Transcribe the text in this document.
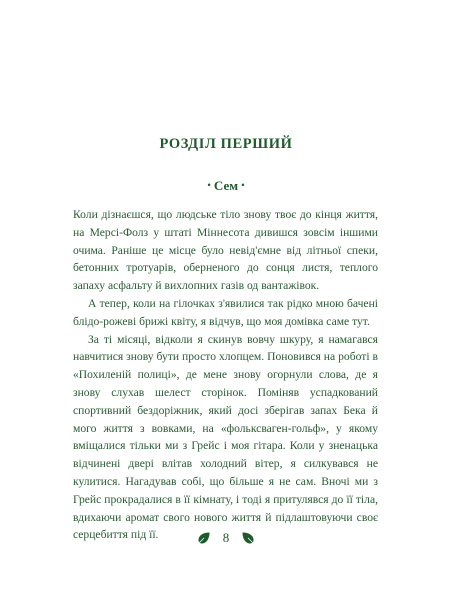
РОЗДІЛ ПЕРШИЙ
• Сем •

Коли дізнаєшся, що людське тіло знову твоє до кінця життя, на Мерсі-Фолз у штаті Міннесота дивишся зовсім іншими очима. Раніше це місце було невід'ємне від літньої спеки, бетонних тротуарів, оберненого до сонця листя, теплого запаху асфальту й вихлопних газів од вантажівок.

А тепер, коли на гілочках з'явилися так рідко мною бачені блідо-рожеві брижі квіту, я відчув, що моя домівка саме тут.

За ті місяці, відколи я скинув вовчу шкуру, я намагався навчитися знову бути просто хлопцем. Поновився на роботі в «Похиленій полиці», де мене знову огорнули слова, де я знову слухав шелест сторінок. Поміняв успадкований спортивний бездоріжник, який досі зберігав запах Бека й мого життя з вовками, на «фольксваген-гольф», у якому вміщалися тільки ми з Грейс і моя гітара. Коли у зненацька відчинені двері влітав холодний вітер, я силкувався не кулитися. Нагадував собі, що більше я не сам. Вночі ми з Грейс прокрадалися в її кімнату, і тоді я притулявся до її тіла, вдихаючи аромат свого нового життя й підлаштовуючи своє серцебиття під її.	8
